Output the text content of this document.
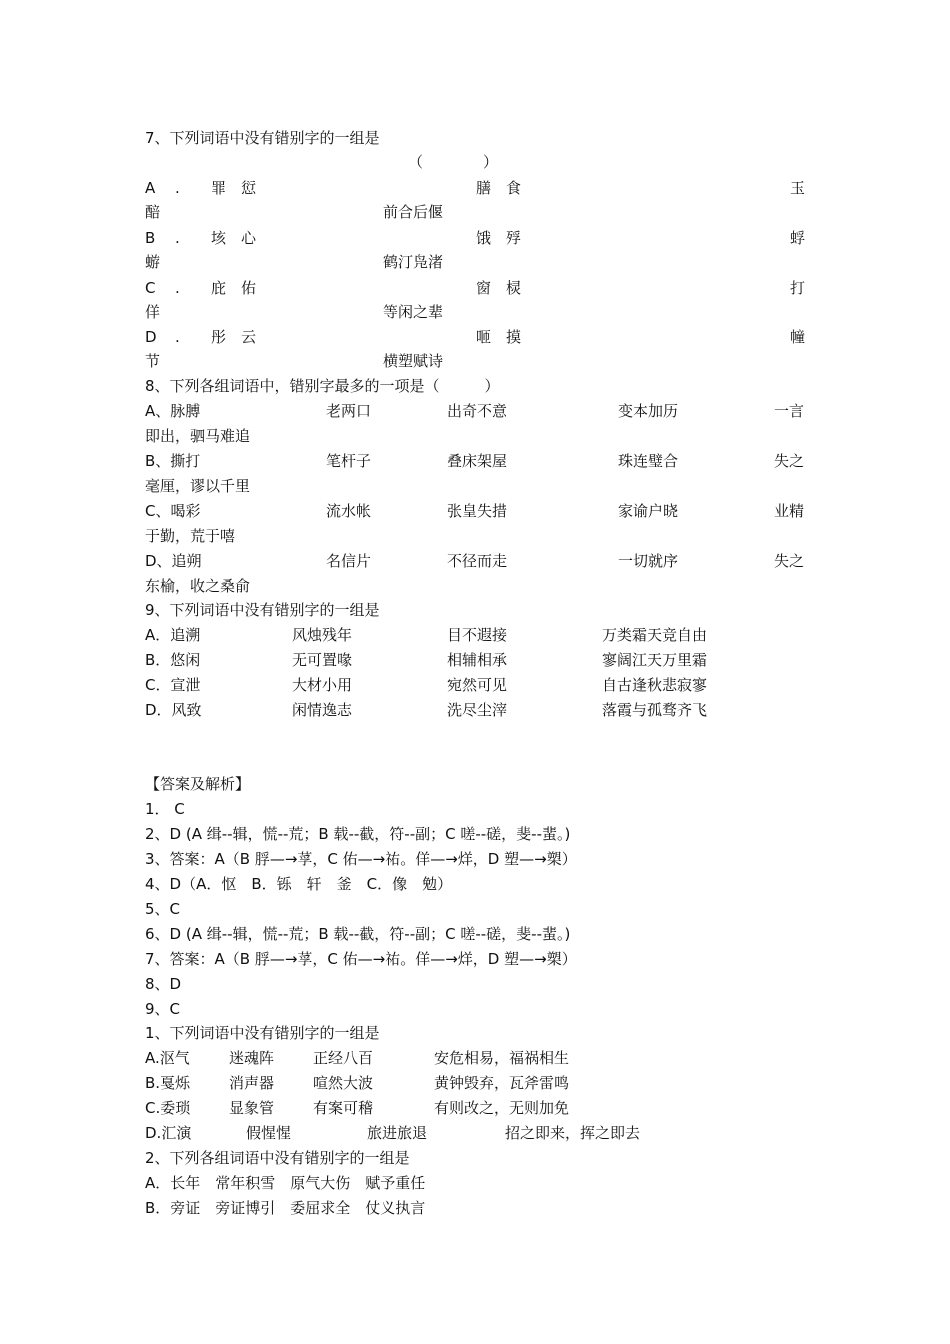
7、下列词语中没有错别字的一组是
（　　　　）
A . 罪　愆	膳　食	玉
醅	前合后偃
B . 垓　心	饿　殍	蜉
蝣	鹤汀凫渚
C . 庇　佑	窗　棂	打
佯	等闲之辈
D . 彤　云	咂　摸	幢
节	横塑赋诗
8、下列各组词语中，错别字最多的一项是（　　　）
A、脉膊	老两口	出奇不意	变本加历	一言
即出，驷马难追
B、撕打	笔杆子	叠床架屋	珠连璧合	失之
毫厘，谬以千里
C、喝彩	流水帐	张皇失措	家谕户晓	业精
于勤，荒于嘻
D、追朔	名信片	不径而走	一切就序	失之
东榆，收之桑俞
9、下列词语中没有错别字的一组是
A．追溯	风烛残年	目不遐接	万类霜天竞自由
B．悠闲	无可置喙	相辅相承	寥阔江天万里霜
C．宣泄	大材小用	宛然可见	自古逢秋悲寂寥
D．风致	闲情逸志	洗尽尘滓	落霞与孤骛齐飞
【答案及解析】
1． C
2、D (A 缉--辑，慌--荒；B 载--截，符--副；C 嗟--磋，斐--蜚。)
3、答案：A（B 脬—→莩，C 佑—→祐。佯—→烊，D 塑—→槊）
4、D（A．怄　B．铄　轩　釜　C．像　勉）
5、C
6、D (A 缉--辑，慌--荒；B 载--截，符--副；C 嗟--磋，斐--蜚。)
7、答案：A（B 脬—→莩，C 佑—→祐。佯—→烊，D 塑—→槊）
8、D
9、C
1、下列词语中没有错别字的一组是
A.沤气	迷魂阵	正经八百	安危相易，福祸相生
B.戛烁	消声器	喧然大波	黄钟毁弃，瓦斧雷鸣
C.委琐	显象管	有案可稽	有则改之，无则加免
D.汇演	假惺惺	旅进旅退	招之即来，挥之即去
2、下列各组词语中没有错别字的一组是
A．长年　常年积雪　原气大伤　赋予重任
B．旁证　旁证博引　委屈求全　仗义执言
